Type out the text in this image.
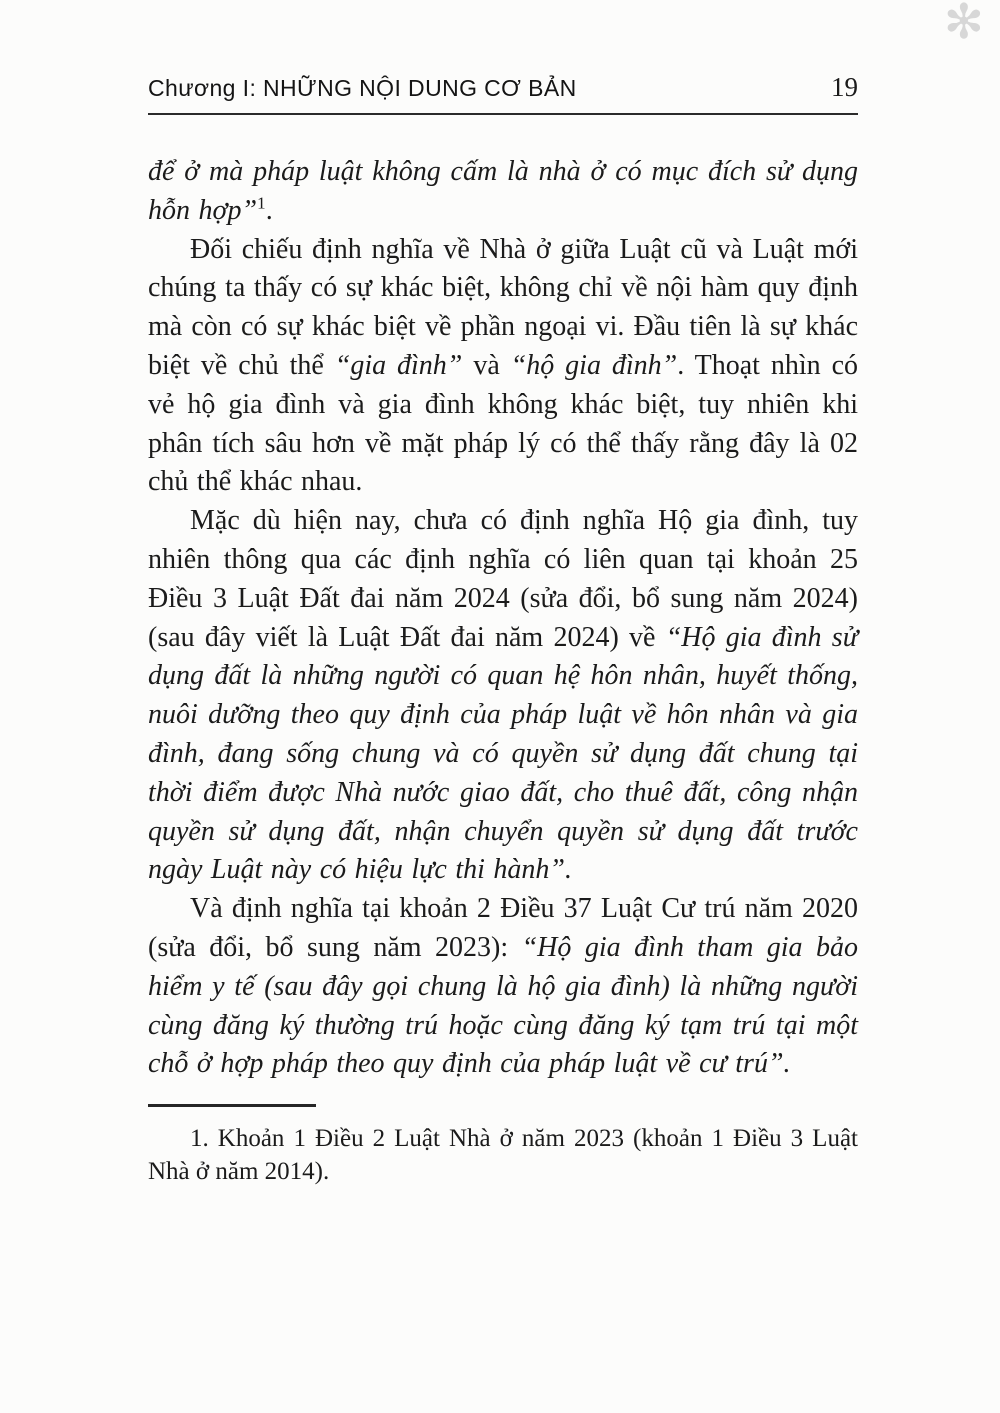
✻
Chương I: NHỮNG NỘI DUNG CƠ BẢN	19

để ở mà pháp luật không cấm là nhà ở có mục đích sử dụng hỗn hợp”$^1$.

Đối chiếu định nghĩa về Nhà ở giữa Luật cũ và Luật mới chúng ta thấy có sự khác biệt, không chỉ về nội hàm quy định mà còn có sự khác biệt về phần ngoại vi. Đầu tiên là sự khác biệt về chủ thể “gia đình” và “hộ gia đình”. Thoạt nhìn có vẻ hộ gia đình và gia đình không khác biệt, tuy nhiên khi phân tích sâu hơn về mặt pháp lý có thể thấy rằng đây là 02 chủ thể khác nhau.

Mặc dù hiện nay, chưa có định nghĩa Hộ gia đình, tuy nhiên thông qua các định nghĩa có liên quan tại khoản 25 Điều 3 Luật Đất đai năm 2024 (sửa đổi, bổ sung năm 2024) (sau đây viết là Luật Đất đai năm 2024) về “Hộ gia đình sử dụng đất là những người có quan hệ hôn nhân, huyết thống, nuôi dưỡng theo quy định của pháp luật về hôn nhân và gia đình, đang sống chung và có quyền sử dụng đất chung tại thời điểm được Nhà nước giao đất, cho thuê đất, công nhận quyền sử dụng đất, nhận chuyển quyền sử dụng đất trước ngày Luật này có hiệu lực thi hành”.

Và định nghĩa tại khoản 2 Điều 37 Luật Cư trú năm 2020 (sửa đổi, bổ sung năm 2023): “Hộ gia đình tham gia bảo hiểm y tế (sau đây gọi chung là hộ gia đình) là những người cùng đăng ký thường trú hoặc cùng đăng ký tạm trú tại một chỗ ở hợp pháp theo quy định của pháp luật về cư trú”.

1. Khoản 1 Điều 2 Luật Nhà ở năm 2023 (khoản 1 Điều 3 Luật Nhà ở năm 2014).
